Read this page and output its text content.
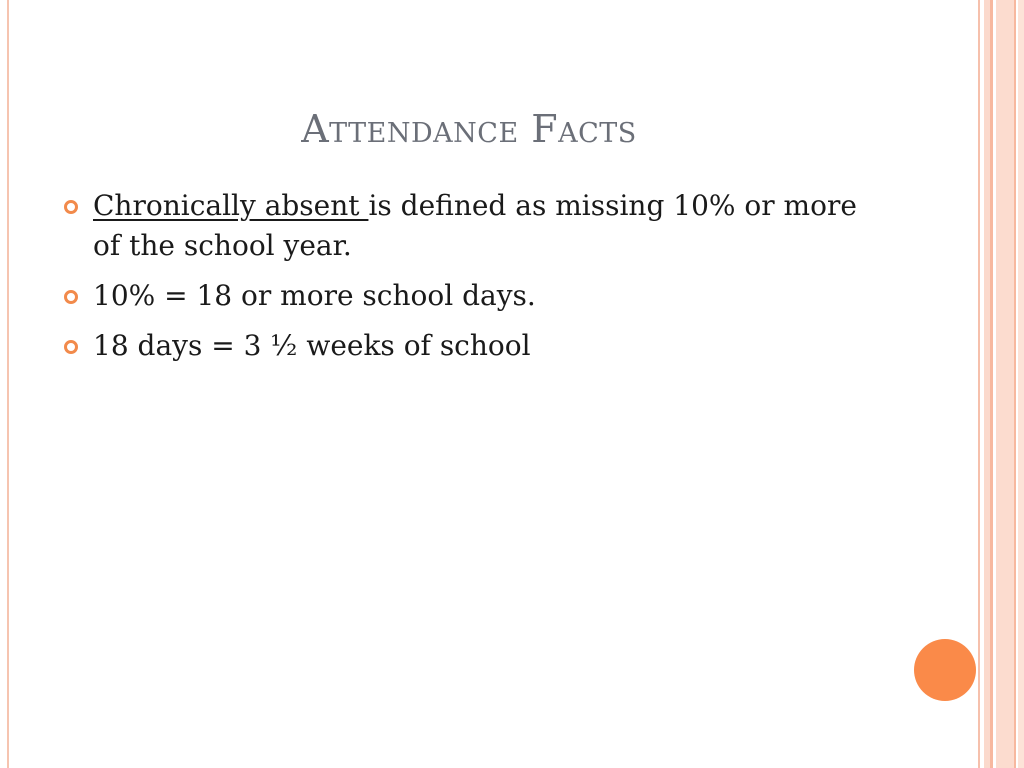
Attendance Facts
Chronically absent is defined as missing 10% or more of the school year.
10% = 18 or more school days.
18 days = 3 ½ weeks of school
